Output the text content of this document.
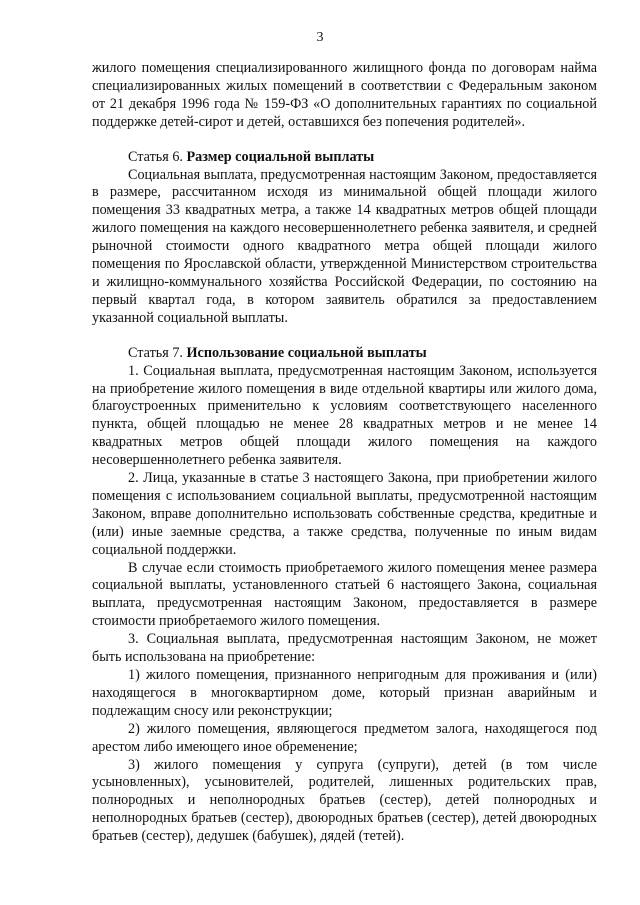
3

жилого помещения специализированного жилищного фонда по договорам найма специализированных жилых помещений в соответствии с Федеральным законом от 21 декабря 1996 года № 159-ФЗ «О дополнительных гарантиях по социальной поддержке детей-сирот и детей, оставшихся без попечения родителей».

Статья 6. Размер социальной выплаты

Социальная выплата, предусмотренная настоящим Законом, предоставляется в размере, рассчитанном исходя из минимальной общей площади жилого помещения 33 квадратных метра, а также 14 квадратных метров общей площади жилого помещения на каждого несовершеннолетнего ребенка заявителя, и средней рыночной стоимости одного квадратного метра общей площади жилого помещения по Ярославской области, утвержденной Министерством строительства и жилищно-коммунального хозяйства Российской Федерации, по состоянию на первый квартал года, в котором заявитель обратился за предоставлением указанной социальной выплаты.

Статья 7. Использование социальной выплаты

1. Социальная выплата, предусмотренная настоящим Законом, используется на приобретение жилого помещения в виде отдельной квартиры или жилого дома, благоустроенных применительно к условиям соответствующего населенного пункта, общей площадью не менее 28 квадратных метров и не менее 14 квадратных метров общей площади жилого помещения на каждого несовершеннолетнего ребенка заявителя.

2. Лица, указанные в статье 3 настоящего Закона, при приобретении жилого помещения с использованием социальной выплаты, предусмотренной настоящим Законом, вправе дополнительно использовать собственные средства, кредитные и (или) иные заемные средства, а также средства, полученные по иным видам социальной поддержки.

В случае если стоимость приобретаемого жилого помещения менее размера социальной выплаты, установленного статьей 6 настоящего Закона, социальная выплата, предусмотренная настоящим Законом, предоставляется в размере стоимости приобретаемого жилого помещения.

3. Социальная выплата, предусмотренная настоящим Законом, не может быть использована на приобретение:

1) жилого помещения, признанного непригодным для проживания и (или) находящегося в многоквартирном доме, который признан аварийным и подлежащим сносу или реконструкции;

2) жилого помещения, являющегося предметом залога, находящегося под арестом либо имеющего иное обременение;

3) жилого помещения у супруга (супруги), детей (в том числе усыновленных), усыновителей, родителей, лишенных родительских прав, полнородных и неполнородных братьев (сестер), детей полнородных и неполнородных братьев (сестер), двоюродных братьев (сестер), детей двоюродных братьев (сестер), дедушек (бабушек), дядей (тетей).
